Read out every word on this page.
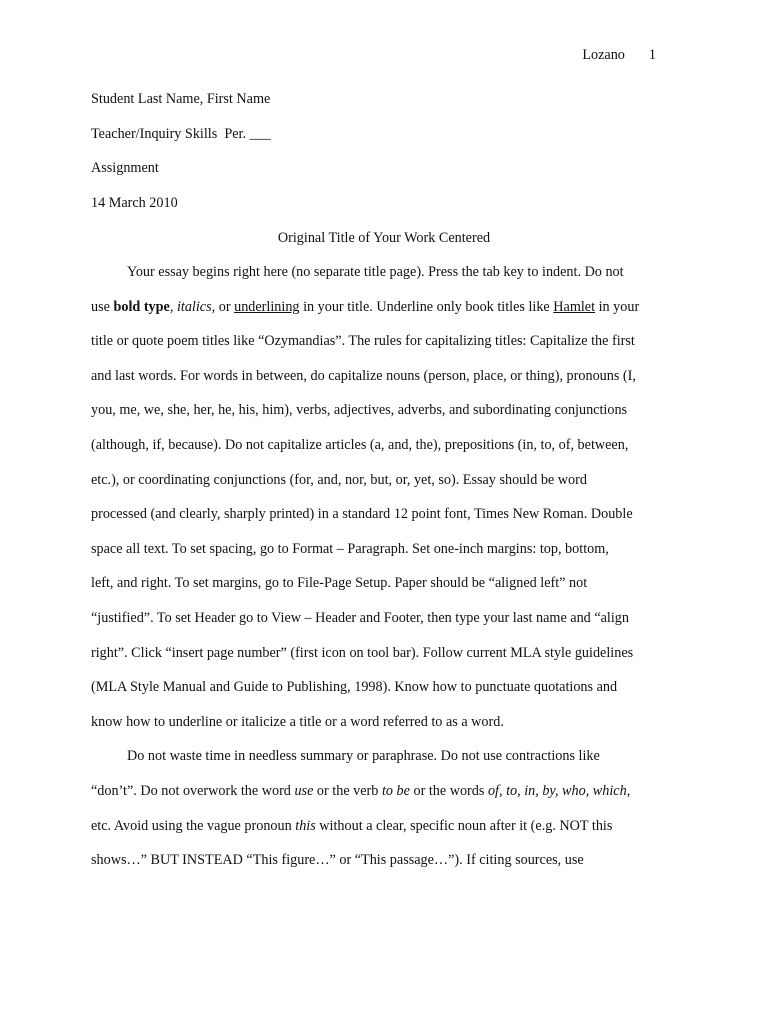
Lozano 1
Student Last Name, First Name
Teacher/Inquiry Skills  Per. ___
Assignment
14 March 2010
Original Title of Your Work Centered
Your essay begins right here (no separate title page). Press the tab key to indent. Do not
use bold type, italics, or underlining in your title. Underline only book titles like Hamlet in your
title or quote poem titles like “Ozymandias”. The rules for capitalizing titles: Capitalize the first
and last words. For words in between, do capitalize nouns (person, place, or thing), pronouns (I,
you, me, we, she, her, he, his, him), verbs, adjectives, adverbs, and subordinating conjunctions
(although, if, because). Do not capitalize articles (a, and, the), prepositions (in, to, of, between,
etc.), or coordinating conjunctions (for, and, nor, but, or, yet, so). Essay should be word
processed (and clearly, sharply printed) in a standard 12 point font, Times New Roman. Double
space all text. To set spacing, go to Format – Paragraph. Set one-inch margins: top, bottom,
left, and right. To set margins, go to File-Page Setup. Paper should be “aligned left” not
“justified”. To set Header go to View – Header and Footer, then type your last name and “align
right”. Click “insert page number” (first icon on tool bar). Follow current MLA style guidelines
(MLA Style Manual and Guide to Publishing, 1998). Know how to punctuate quotations and
know how to underline or italicize a title or a word referred to as a word.
Do not waste time in needless summary or paraphrase. Do not use contractions like
“don’t”. Do not overwork the word use or the verb to be or the words of, to, in, by, who, which,
etc. Avoid using the vague pronoun this without a clear, specific noun after it (e.g. NOT this
shows…” BUT INSTEAD “This figure…” or “This passage…”). If citing sources, use
